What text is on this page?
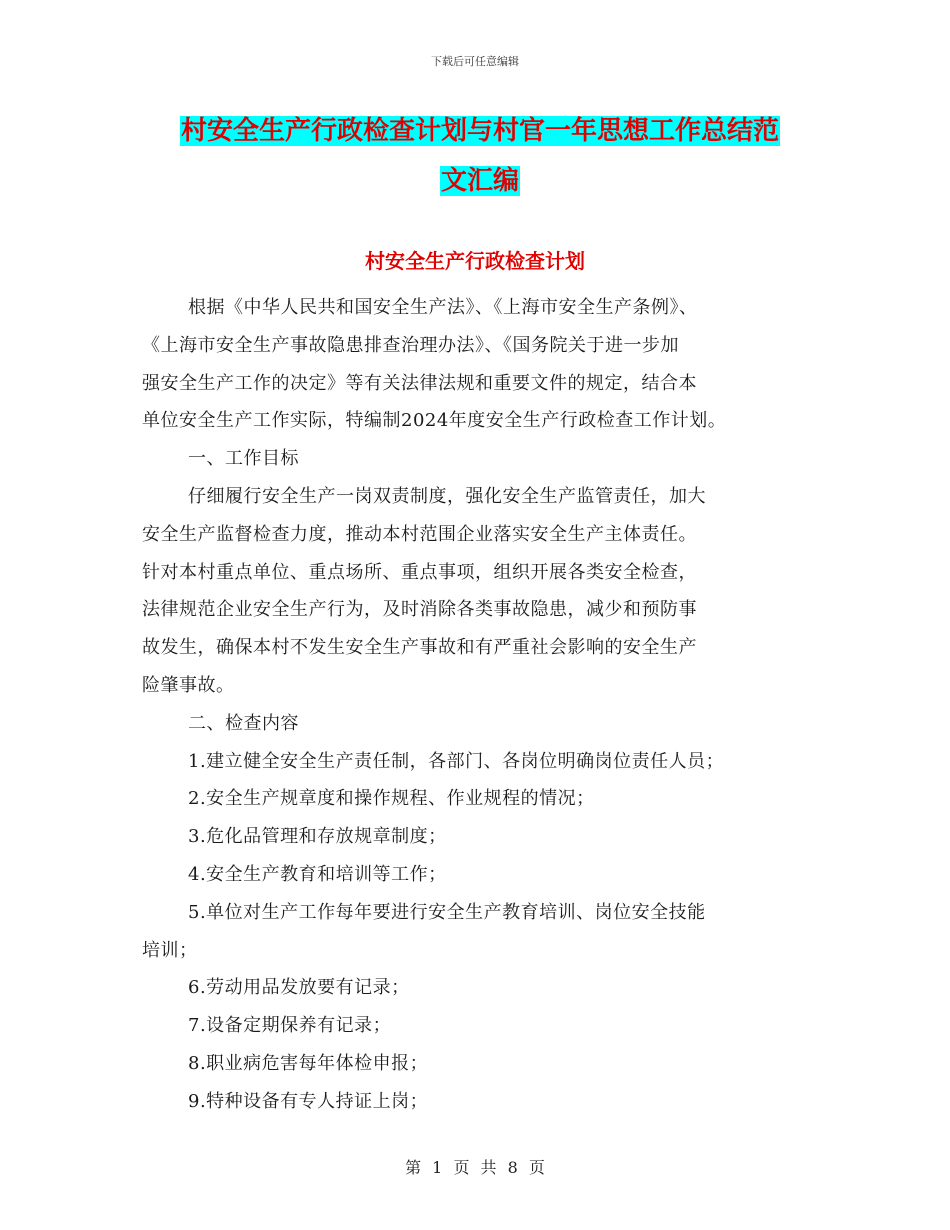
下载后可任意编辑
村安全生产行政检查计划与村官一年思想工作总结范
文汇编
村安全生产行政检查计划

根据《中华人民共和国安全生产法》、《上海市安全生产条例》、

《上海市安全生产事故隐患排查治理办法》、《国务院关于进一步加

强安全生产工作的决定》等有关法律法规和重要文件的规定，结合本

单位安全生产工作实际，特编制2024年度安全生产行政检查工作计划。

一、工作目标

仔细履行安全生产一岗双责制度，强化安全生产监管责任，加大

安全生产监督检查力度，推动本村范围企业落实安全生产主体责任。

针对本村重点单位、重点场所、重点事项，组织开展各类安全检查，

法律规范企业安全生产行为，及时消除各类事故隐患，减少和预防事

故发生，确保本村不发生安全生产事故和有严重社会影响的安全生产

险肇事故。

二、检查内容

1.建立健全安全生产责任制，各部门、各岗位明确岗位责任人员；

2.安全生产规章度和操作规程、作业规程的情况；

3.危化品管理和存放规章制度；

4.安全生产教育和培训等工作；

5.单位对生产工作每年要进行安全生产教育培训、岗位安全技能

培训；

6.劳动用品发放要有记录；

7.设备定期保养有记录；

8.职业病危害每年体检申报；

9.特种设备有专人持证上岗；

第 1 页 共 8 页
